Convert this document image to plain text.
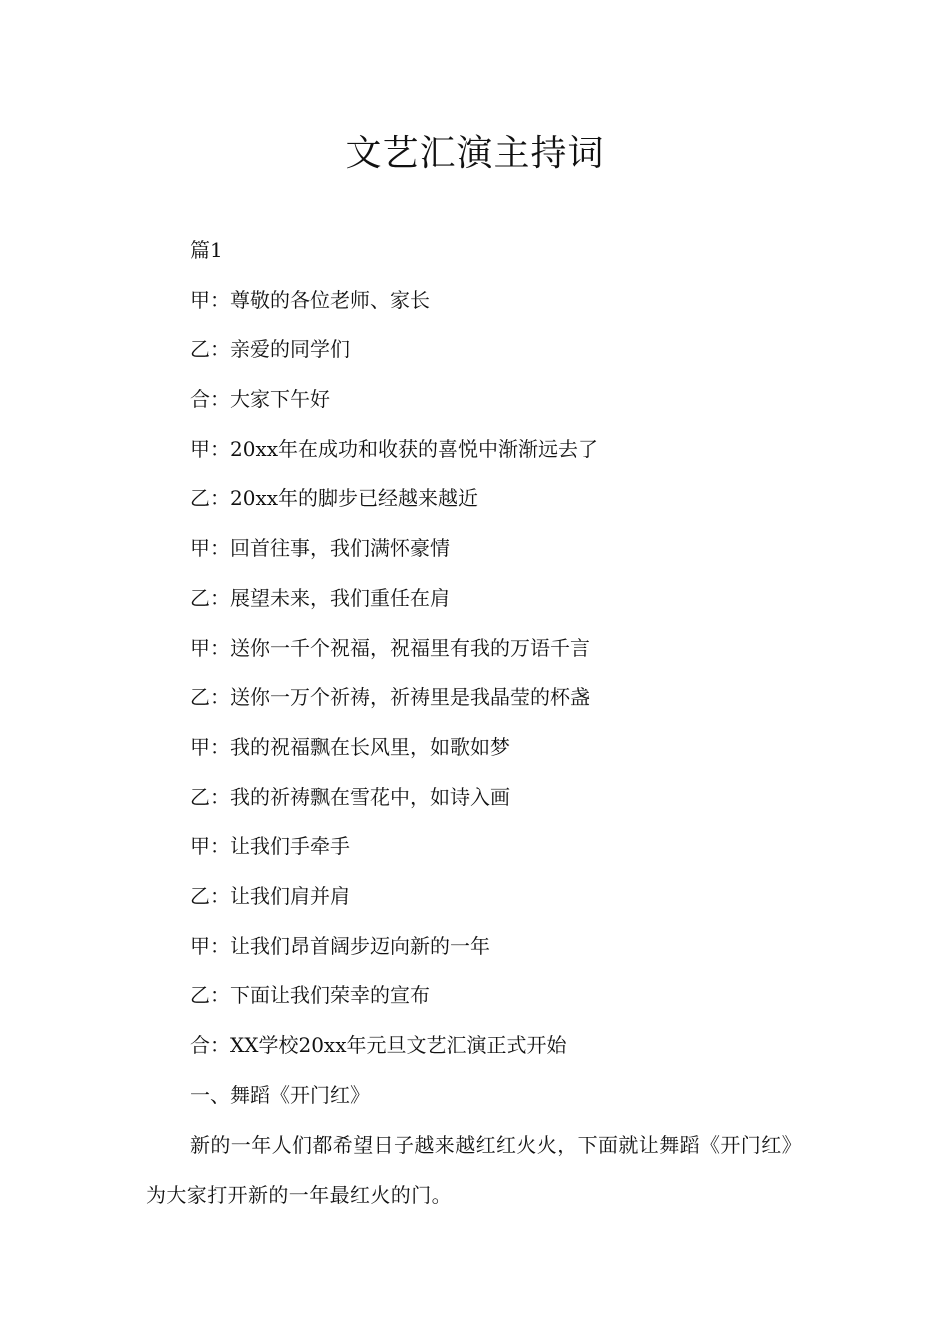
文艺汇演主持词
篇1
甲：尊敬的各位老师、家长
乙：亲爱的同学们
合：大家下午好
甲：20xx年在成功和收获的喜悦中渐渐远去了
乙：20xx年的脚步已经越来越近
甲：回首往事，我们满怀豪情
乙：展望未来，我们重任在肩
甲：送你一千个祝福，祝福里有我的万语千言
乙：送你一万个祈祷，祈祷里是我晶莹的杯盏
甲：我的祝福飘在长风里，如歌如梦
乙：我的祈祷飘在雪花中，如诗入画
甲：让我们手牵手
乙：让我们肩并肩
甲：让我们昂首阔步迈向新的一年
乙：下面让我们荣幸的宣布
合：XX学校20xx年元旦文艺汇演正式开始
一、舞蹈《开门红》

新的一年人们都希望日子越来越红红火火，下面就让舞蹈《开门红》为大家打开新的一年最红火的门。
